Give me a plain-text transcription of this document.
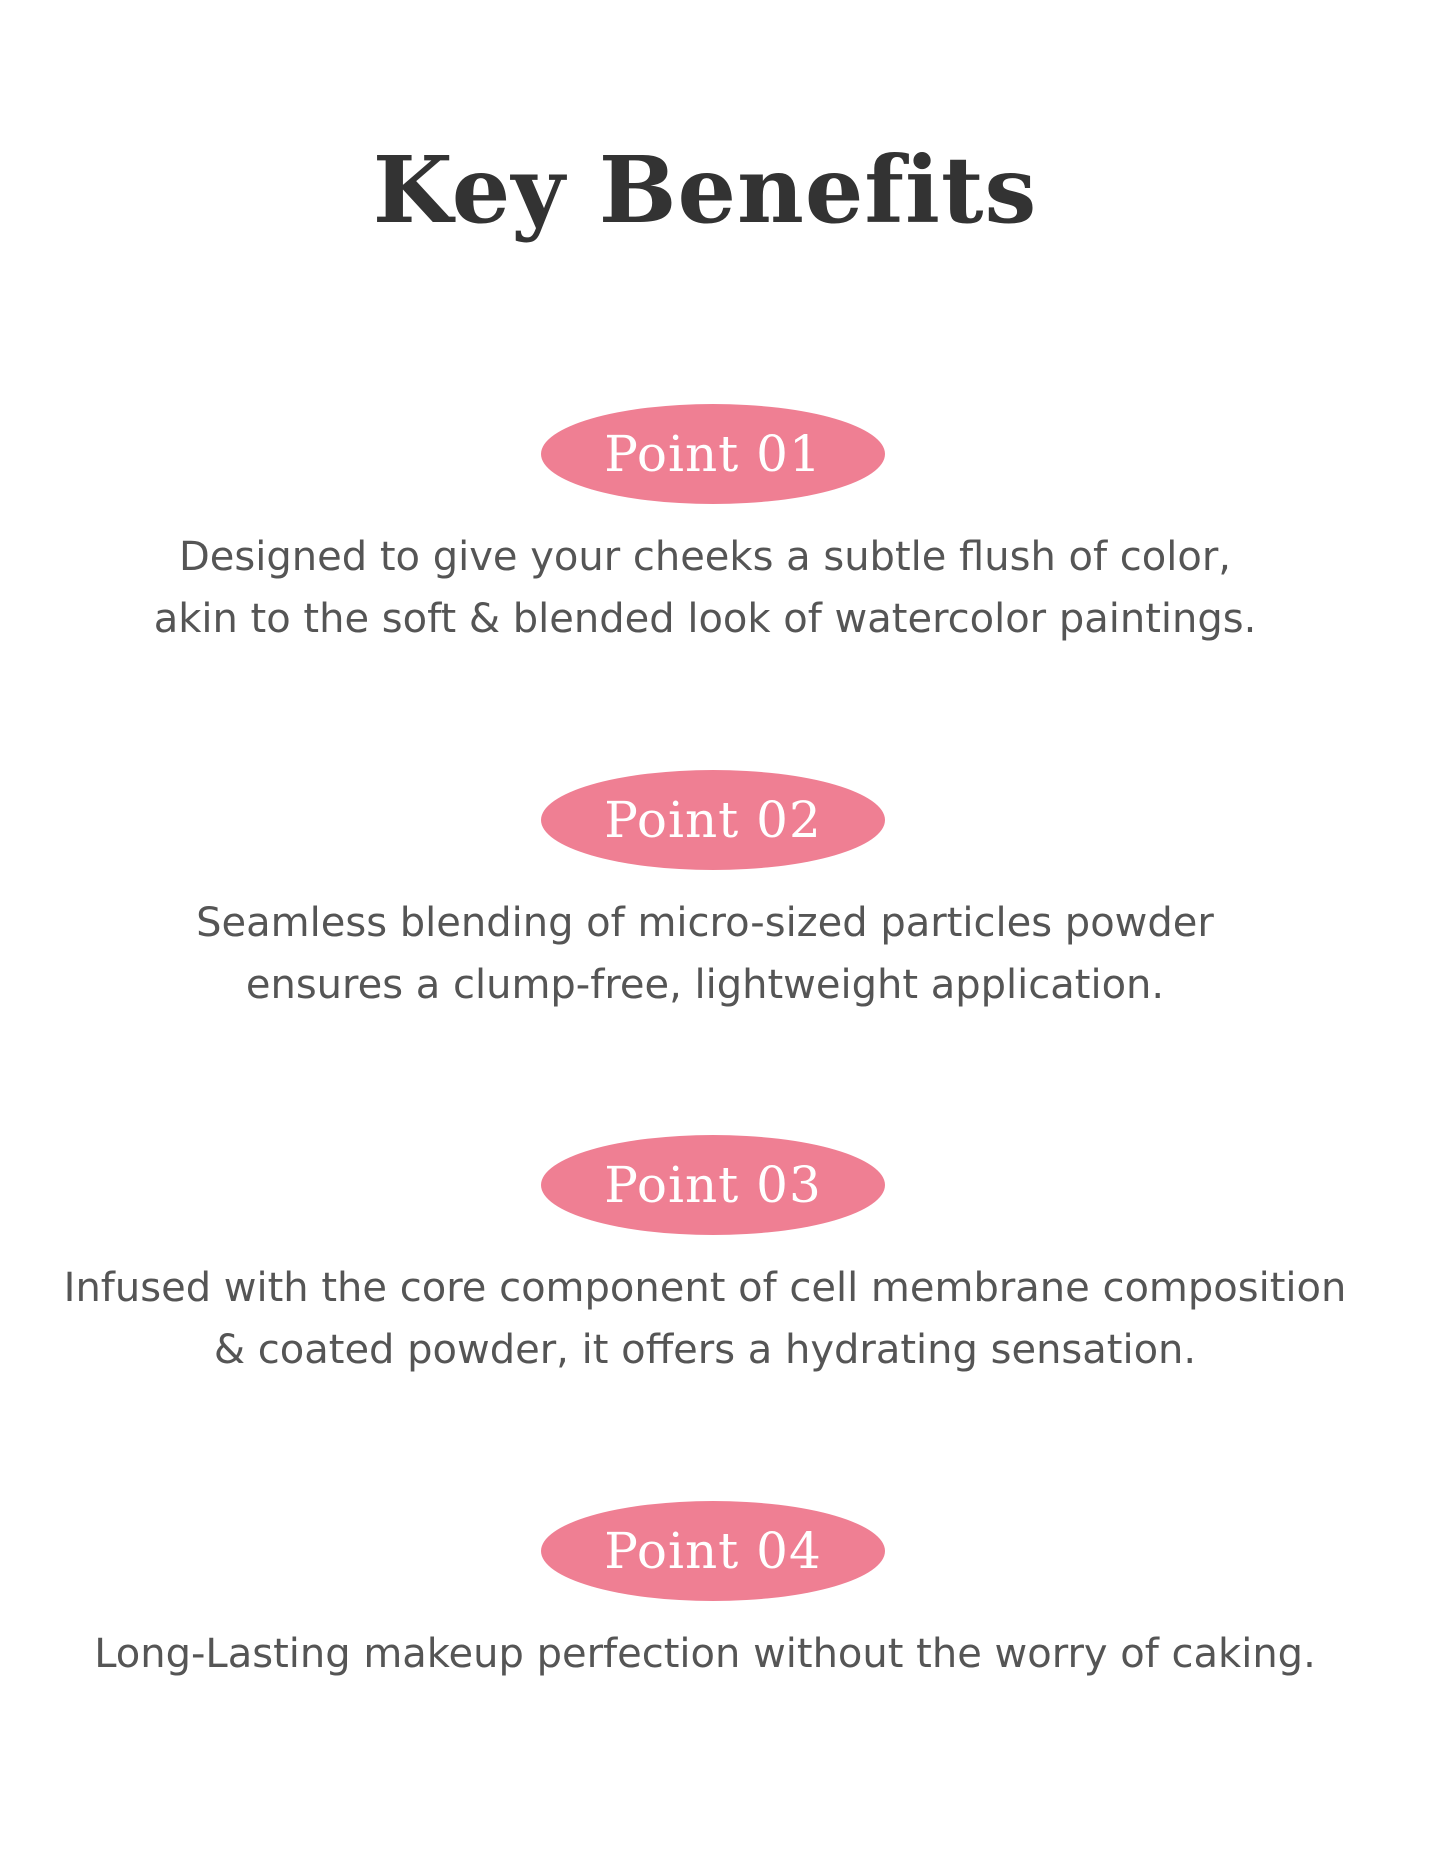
Key Benefits
Point 01

Designed to give your cheeks a subtle flush of color,
akin to the soft & blended look of watercolor paintings.

Point 02

Seamless blending of micro-sized particles powder
ensures a clump-free, lightweight application.

Point 03

Infused with the core component of cell membrane composition
& coated powder, it offers a hydrating sensation.

Point 04

Long-Lasting makeup perfection without the worry of caking.
